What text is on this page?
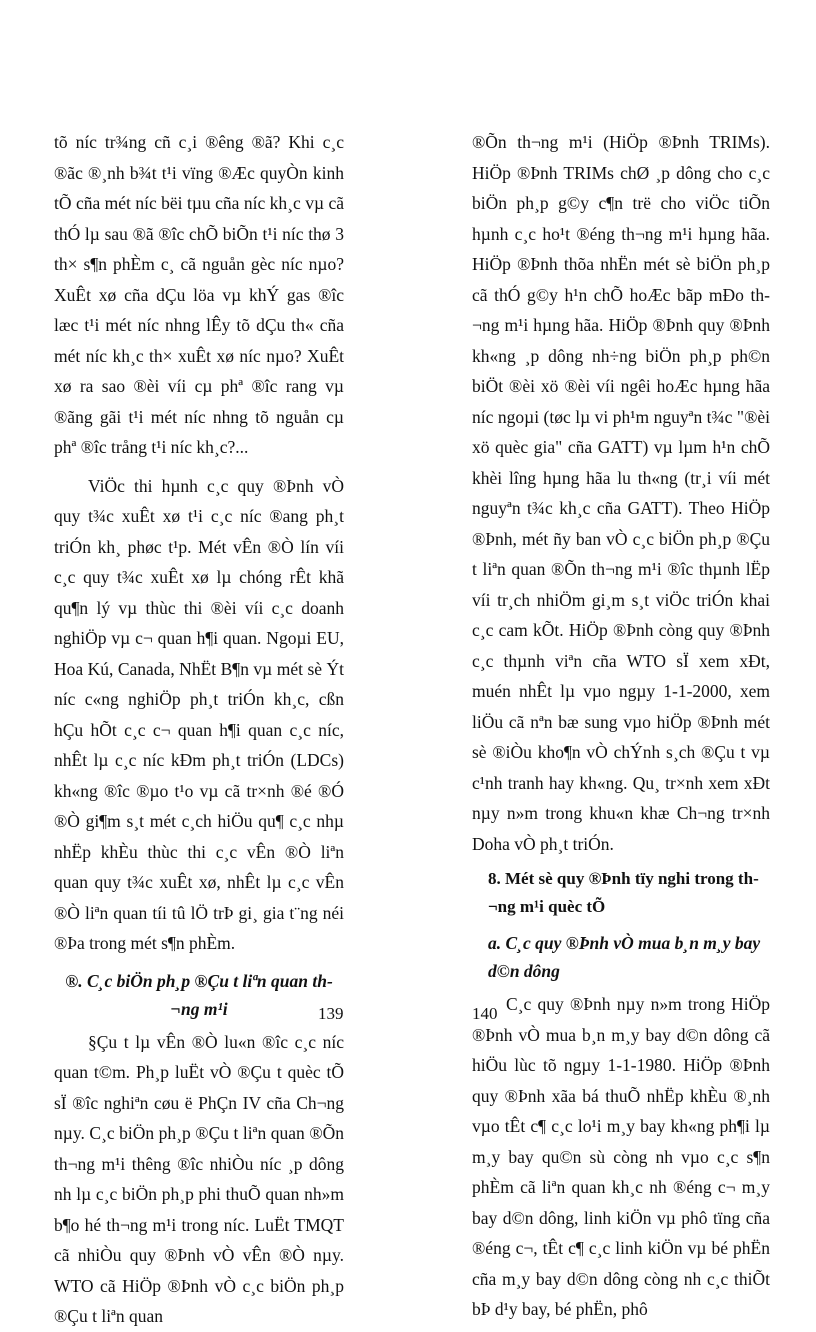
tõ níc tr¾ng cñ c¸i ®êng ®ã? Khi c¸c ®ãc ®¸nh b¾t t¹i vïng ®Æc quyÒn kinh tÕ cña mét níc bëi tµu cña níc kh¸c vµ cã thÓ lµ sau ®ã ®îc chÕ biÕn t¹i níc thø 3 th× s¶n phÈm c¸ cã nguån gèc níc nµo? XuÊt xø cña dÇu löa vµ khÝ gas ®îc læc t¹i mét níc nhng lÊy tõ dÇu th« cña mét níc kh¸c th× xuÊt xø níc nµo? XuÊt xø ra sao ®èi víi cµ phª ®îc rang vµ ®ãng gãi t¹i mét níc nhng tõ nguån cµ phª ®îc trång t¹i níc kh¸c?...

ViÖc thi hµnh c¸c quy ®Þnh vÒ quy t¾c xuÊt xø t¹i c¸c níc ®ang ph¸t triÓn kh¸ phøc t¹p. Mét vÊn ®Ò lín víi c¸c quy t¾c xuÊt xø lµ chóng rÊt khã qu¶n lý vµ thùc thi ®èi víi c¸c doanh nghiÖp vµ c¬ quan h¶i quan. Ngoµi EU, Hoa Kú, Canada, NhËt B¶n vµ mét sè Ýt níc c«ng nghiÖp ph¸t triÓn kh¸c, cßn hÇu hÕt c¸c c¬ quan h¶i quan c¸c níc, nhÊt lµ c¸c níc kÐm ph¸t triÓn (LDCs) kh«ng ®îc ®µo t¹o vµ cã tr×nh ®é ®Ó ®Ò gi¶m s¸t mét c¸ch hiÖu qu¶ c¸c nhµ nhËp khÈu thùc thi c¸c vÊn ®Ò liªn quan quy t¾c xuÊt xø, nhÊt lµ c¸c vÊn ®Ò liªn quan tíi tû lÖ trÞ gi¸ gia t¨ng néi ®Þa trong mét s¶n phÈm.

®. C¸c biÖn ph¸p ®Çu t liªn quan th¬ng m¹i

§Çu t lµ vÊn ®Ò lu«n ®îc c¸c níc quan t©m. Ph¸p luËt vÒ ®Çu t quèc tÕ sÏ ®îc nghiªn cøu ë PhÇn IV cña Ch¬ng nµy. C¸c biÖn ph¸p ®Çu t liªn quan ®Õn th¬ng m¹i thêng ®îc nhiÒu níc ¸p dông nh lµ c¸c biÖn ph¸p phi thuÕ quan nh»m b¶o hé th¬ng m¹i trong níc. LuËt TMQT cã nhiÒu quy ®Þnh vÒ vÊn ®Ò nµy. WTO cã HiÖp ®Þnh vÒ c¸c biÖn ph¸p ®Çu t liªn quan

139

®Õn th¬ng m¹i (HiÖp ®Þnh TRIMs). HiÖp ®Þnh TRIMs chØ ¸p dông cho c¸c biÖn ph¸p g©y c¶n trë cho viÖc tiÕn hµnh c¸c ho¹t ®éng th¬ng m¹i hµng hãa. HiÖp ®Þnh thõa nhËn mét sè biÖn ph¸p cã thÓ g©y h¹n chÕ hoÆc bãp mÐo th¬ng m¹i hµng hãa. HiÖp ®Þnh quy ®Þnh kh«ng ¸p dông nh÷ng biÖn ph¸p ph©n biÖt ®èi xö ®èi víi ngêi hoÆc hµng hãa níc ngoµi (tøc lµ vi ph¹m nguyªn t¾c "®èi xö quèc gia" cña GATT) vµ lµm h¹n chÕ khèi lîng hµng hãa lu th«ng (tr¸i víi mét nguyªn t¾c kh¸c cña GATT). Theo HiÖp ®Þnh, mét ñy ban vÒ c¸c biÖn ph¸p ®Çu t liªn quan ®Õn th¬ng m¹i ®îc thµnh lËp víi tr¸ch nhiÖm gi¸m s¸t viÖc triÓn khai c¸c cam kÕt. HiÖp ®Þnh còng quy ®Þnh c¸c thµnh viªn cña WTO sÏ xem xÐt, muén nhÊt lµ vµo ngµy 1-1-2000, xem liÖu cã nªn bæ sung vµo hiÖp ®Þnh mét sè ®iÒu kho¶n vÒ chÝnh s¸ch ®Çu t vµ c¹nh tranh hay kh«ng. Qu¸ tr×nh xem xÐt nµy n»m trong khu«n khæ Ch¬ng tr×nh Doha vÒ ph¸t triÓn.

8. Mét sè quy ®Þnh tïy nghi trong th¬ng m¹i quèc tÕ
a. C¸c quy ®Þnh vÒ mua b¸n m¸y bay d©n dông

C¸c quy ®Þnh nµy n»m trong HiÖp ®Þnh vÒ mua b¸n m¸y bay d©n dông cã hiÖu lùc tõ ngµy 1-1-1980. HiÖp ®Þnh quy ®Þnh xãa bá thuÕ nhËp khÈu ®¸nh vµo tÊt c¶ c¸c lo¹i m¸y bay kh«ng ph¶i lµ m¸y bay qu©n sù còng nh vµo c¸c s¶n phÈm cã liªn quan kh¸c nh ®éng c¬ m¸y bay d©n dông, linh kiÖn vµ phô tïng cña ®éng c¬, tÊt c¶ c¸c linh kiÖn vµ bé phËn cña m¸y bay d©n dông còng nh c¸c thiÕt bÞ d¹y bay, bé phËn, phô

140
